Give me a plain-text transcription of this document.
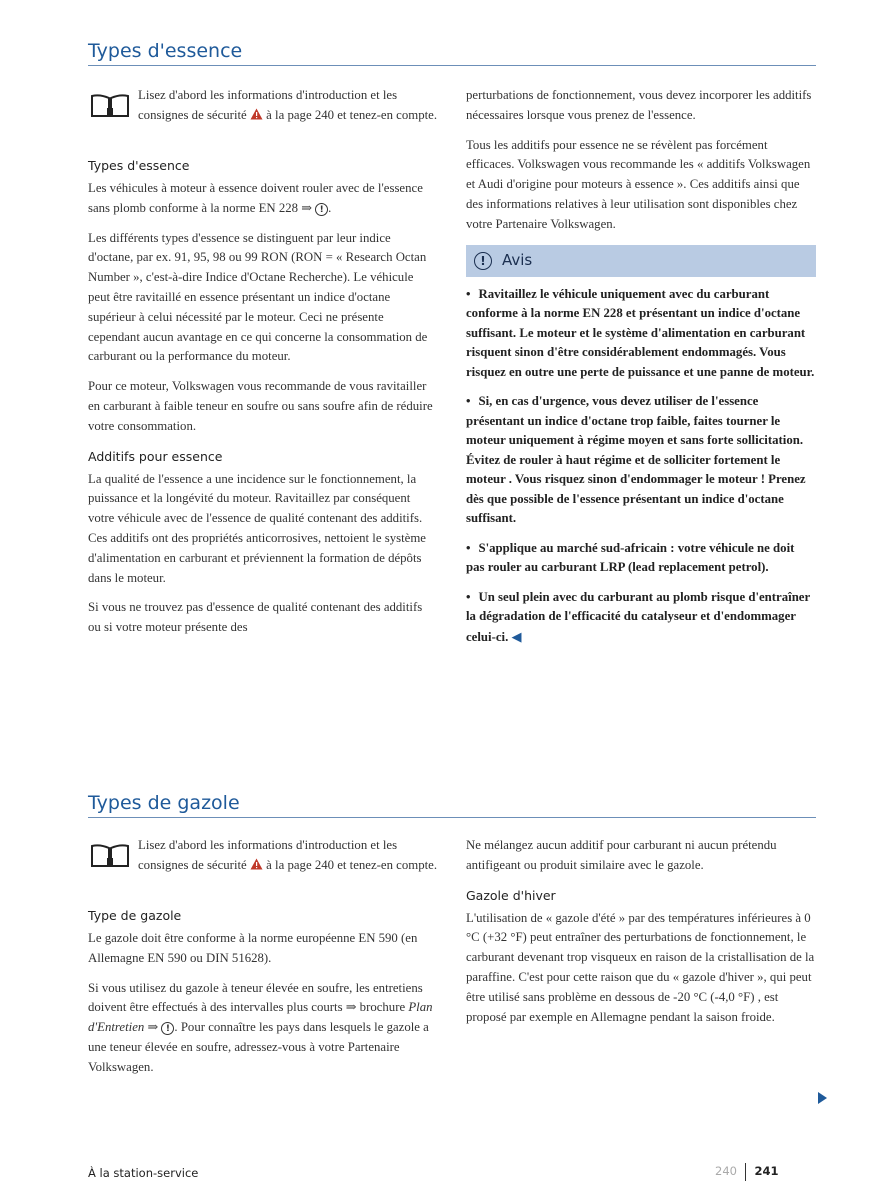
Types d'essence

Lisez d'abord les informations d'introduction et les consignes de sécurité à la page 240 et tenez-en compte.

Types d'essence

Les véhicules à moteur à essence doivent rouler avec de l'essence sans plomb conforme à la norme EN 228 ⇒ ! .

Les différents types d'essence se distinguent par leur indice d'octane, par ex. 91, 95, 98 ou 99 RON (RON = « Research Octan Number », c'est-à-dire Indice d'Octane Recherche). Le véhicule peut être ravitaillé en essence présentant un indice d'octane supérieur à celui nécessité par le moteur. Ceci ne présente cependant aucun avantage en ce qui concerne la consommation de carburant ou la performance du moteur.

Pour ce moteur, Volkswagen vous recommande de vous ravitailler en carburant à faible teneur en soufre ou sans soufre afin de réduire votre consommation.

Additifs pour essence

La qualité de l'essence a une incidence sur le fonctionnement, la puissance et la longévité du moteur. Ravitaillez par conséquent votre véhicule avec de l'essence de qualité contenant des additifs. Ces additifs ont des propriétés anticorrosives, nettoient le système d'alimentation en carburant et préviennent la formation de dépôts dans le moteur.

Si vous ne trouvez pas d'essence de qualité contenant des additifs ou si votre moteur présente des

perturbations de fonctionnement, vous devez incorporer les additifs nécessaires lorsque vous prenez de l'essence.

Tous les additifs pour essence ne se révèlent pas forcément efficaces. Volkswagen vous recommande les « additifs Volkswagen et Audi d'origine pour moteurs à essence ». Ces additifs ainsi que des informations relatives à leur utilisation sont disponibles chez votre Partenaire Volkswagen.

!	Avis

• Ravitaillez le véhicule uniquement avec du carburant conforme à la norme EN 228 et présentant un indice d'octane suffisant. Le moteur et le système d'alimentation en carburant risquent sinon d'être considérablement endommagés. Vous risquez en outre une perte de puissance et une panne de moteur.

• Si, en cas d'urgence, vous devez utiliser de l'essence présentant un indice d'octane trop faible, faites tourner le moteur uniquement à régime moyen et sans forte sollicitation. Évitez de rouler à haut régime et de solliciter fortement le moteur . Vous risquez sinon d'endommager le moteur ! Prenez dès que possible de l'essence présentant un indice d'octane suffisant.

• S'applique au marché sud-africain : votre véhicule ne doit pas rouler au carburant LRP (lead replacement petrol).

• Un seul plein avec du carburant au plomb risque d'entraîner la dégradation de l'efficacité du catalyseur et d'endommager celui-ci. ◀

Types de gazole

Lisez d'abord les informations d'introduction et les consignes de sécurité à la page 240 et tenez-en compte.

Type de gazole

Le gazole doit être conforme à la norme européenne EN 590 (en Allemagne EN 590 ou DIN 51628).

Si vous utilisez du gazole à teneur élevée en soufre, les entretiens doivent être effectués à des intervalles plus courts ⇒ brochure Plan d'Entretien ⇒ ! . Pour connaître les pays dans lesquels le gazole a une teneur élevée en soufre, adressez-vous à votre Partenaire Volkswagen.

Ne mélangez aucun additif pour carburant ni aucun prétendu antifigeant ou produit similaire avec le gazole.

Gazole d'hiver

L'utilisation de « gazole d'été » par des températures inférieures à 0 °C (+32 °F) peut entraîner des perturbations de fonctionnement, le carburant devenant trop visqueux en raison de la cristallisation de la paraffine. C'est pour cette raison que du « gazole d'hiver », qui peut être utilisé sans problème en dessous de -20 °C (-4,0 °F) , est proposé par exemple en Allemagne pendant la saison froide.

À la station-service	240 241
